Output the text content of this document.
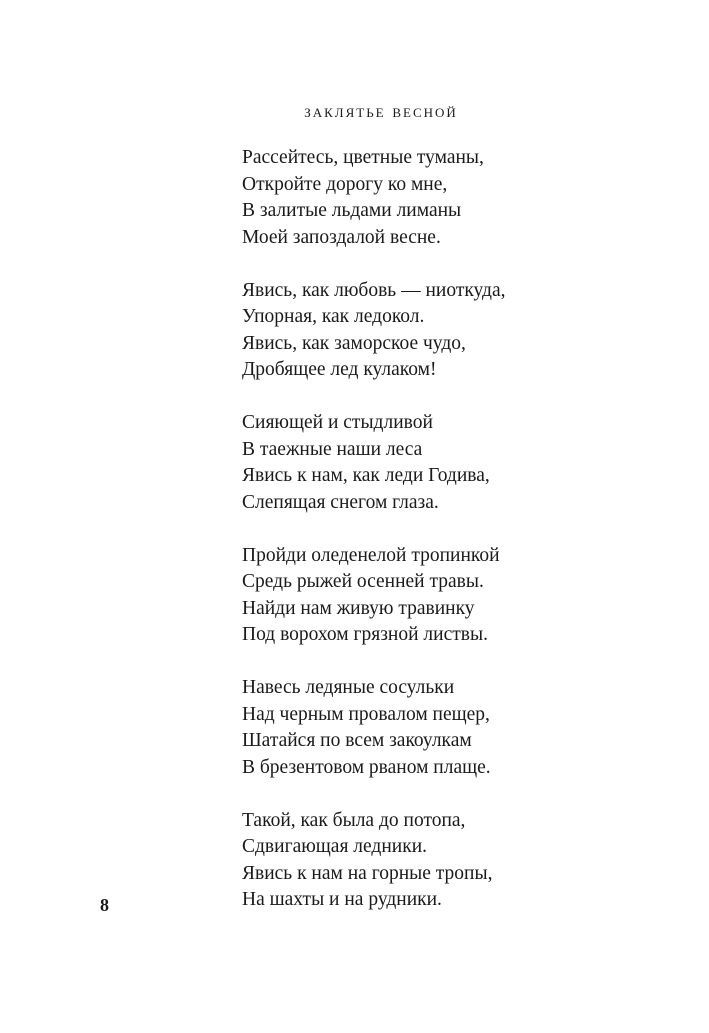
заклятье весной
Рассейтесь, цветные туманы,
Откройте дорогу ко мне,
В залитые льдами лиманы
Моей запоздалой весне.
Явись, как любовь — ниоткуда,
Упорная, как ледокол.
Явись, как заморское чудо,
Дробящее лед кулаком!
Сияющей и стыдливой
В таежные наши леса
Явись к нам, как леди Годива,
Слепящая снегом глаза.
Пройди оледенелой тропинкой
Средь рыжей осенней травы.
Найди нам живую травинку
Под ворохом грязной листвы.
Навесь ледяные сосульки
Над черным провалом пещер,
Шатайся по всем закоулкам
В брезентовом рваном плаще.
Такой, как была до потопа,
Сдвигающая ледники.
Явись к нам на горные тропы,
На шахты и на рудники.
8
